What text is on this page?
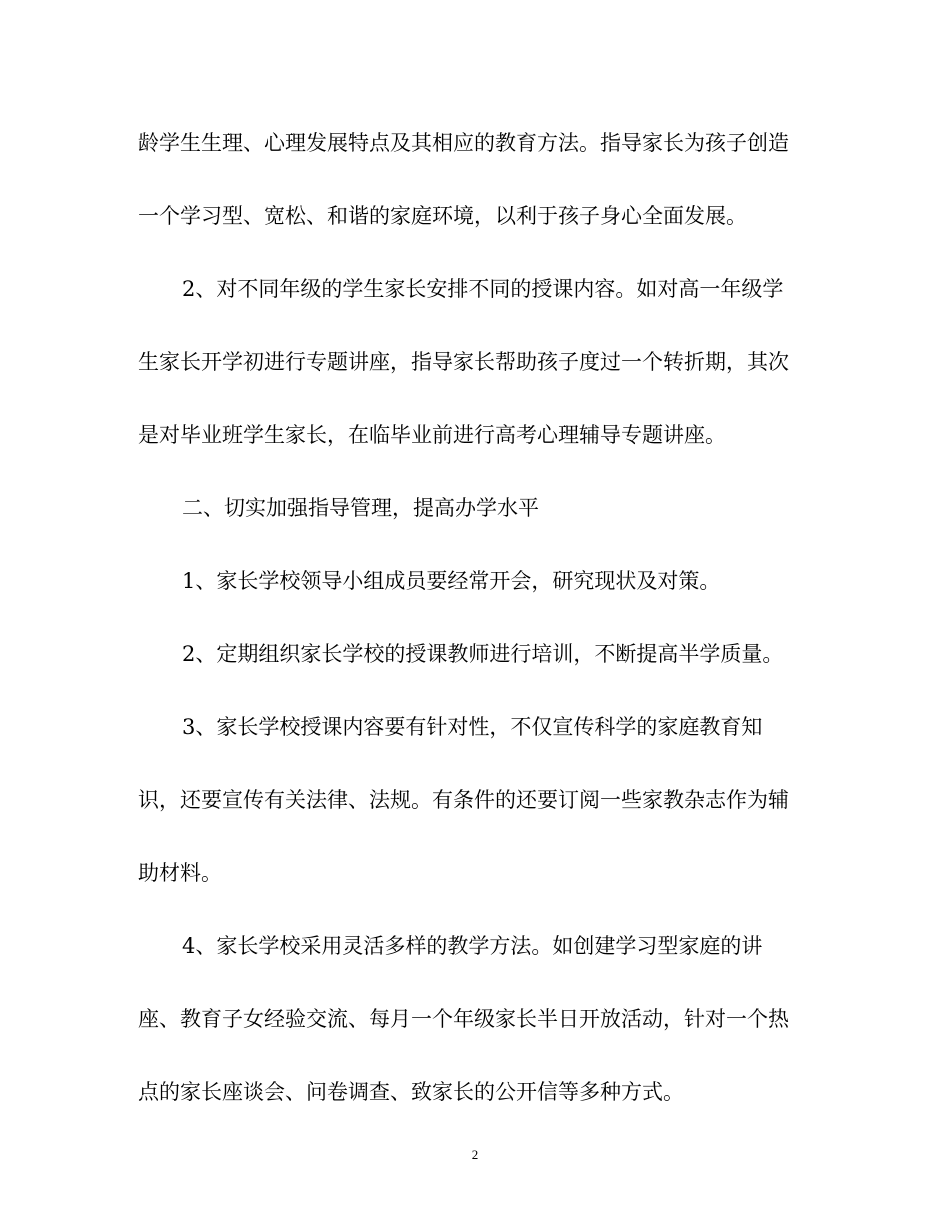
龄学生生理、心理发展特点及其相应的教育方法。指导家长为孩子创造

一个学习型、宽松、和谐的家庭环境，以利于孩子身心全面发展。

2、对不同年级的学生家长安排不同的授课内容。如对高一年级学

生家长开学初进行专题讲座，指导家长帮助孩子度过一个转折期，其次

是对毕业班学生家长，在临毕业前进行高考心理辅导专题讲座。

二、切实加强指导管理，提高办学水平

1、家长学校领导小组成员要经常开会，研究现状及对策。

2、定期组织家长学校的授课教师进行培训，不断提高半学质量。

3、家长学校授课内容要有针对性，不仅宣传科学的家庭教育知

识，还要宣传有关法律、法规。有条件的还要订阅一些家教杂志作为辅

助材料。

4、家长学校采用灵活多样的教学方法。如创建学习型家庭的讲

座、教育子女经验交流、每月一个年级家长半日开放活动，针对一个热

点的家长座谈会、问卷调查、致家长的公开信等多种方式。

2
